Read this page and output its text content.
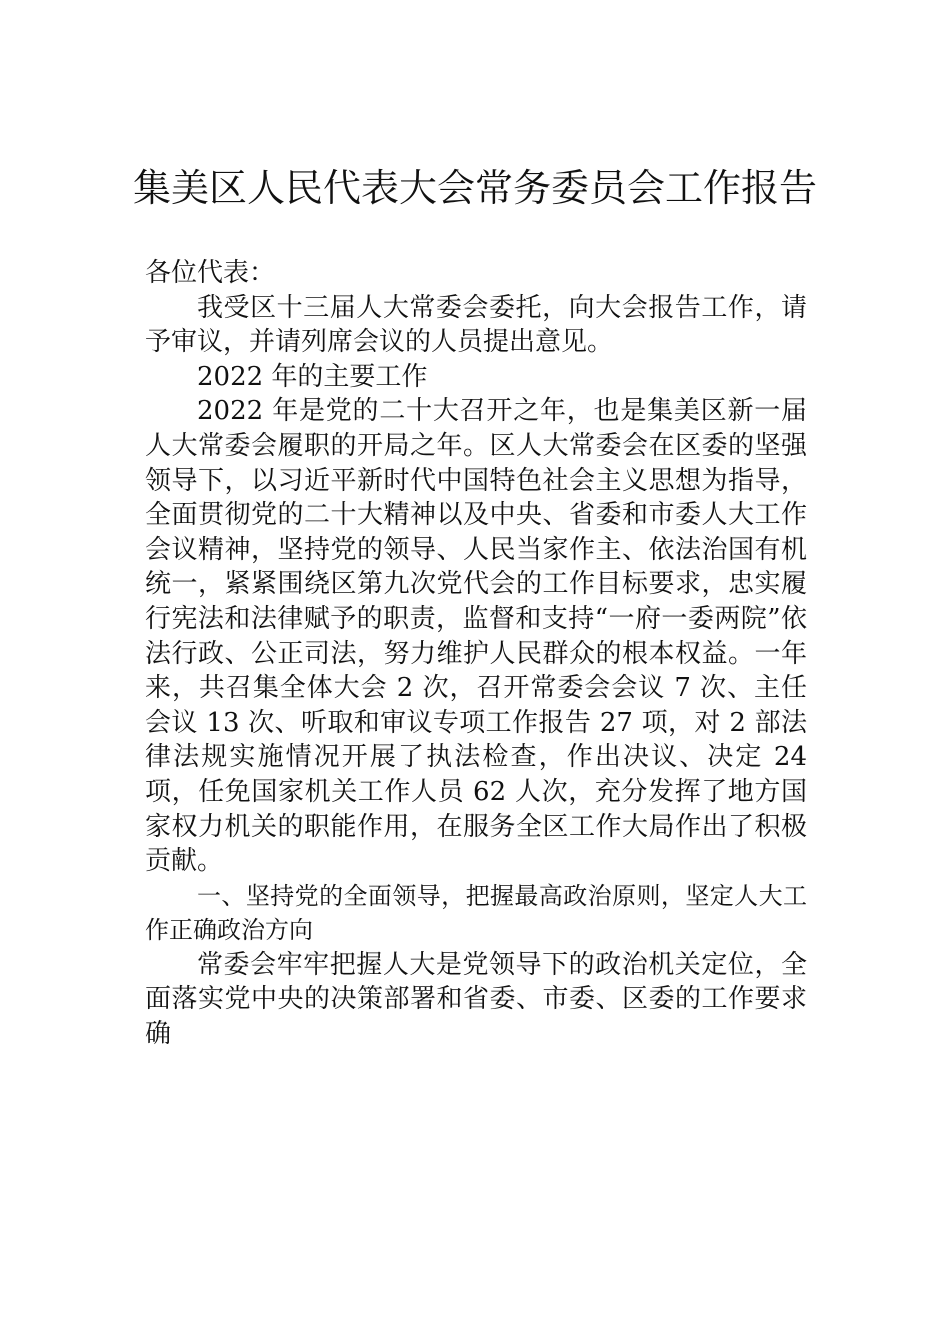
集美区人民代表大会常务委员会工作报告

各位代表：

我受区十三届人大常委会委托，向大会报告工作，请予审议，并请列席会议的人员提出意见。

2022 年的主要工作

2022 年是党的二十大召开之年，也是集美区新一届人大常委会履职的开局之年。区人大常委会在区委的坚强领导下，以习近平新时代中国特色社会主义思想为指导，全面贯彻党的二十大精神以及中央、省委和市委人大工作会议精神，坚持党的领导、人民当家作主、依法治国有机统一，紧紧围绕区第九次党代会的工作目标要求，忠实履行宪法和法律赋予的职责，监督和支持“一府一委两院”依法行政、公正司法，努力维护人民群众的根本权益。一年来，共召集全体大会 2 次，召开常委会会议 7 次、主任会议 13 次、听取和审议专项工作报告 27 项，对 2 部法律法规实施情况开展了执法检查，作出决议、决定 24 项，任免国家机关工作人员 62 人次，充分发挥了地方国家权力机关的职能作用，在服务全区工作大局作出了积极贡献。

一、坚持党的全面领导，把握最高政治原则，坚定人大工作正确政治方向

常委会牢牢把握人大是党领导下的政治机关定位，全面落实党中央的决策部署和省委、市委、区委的工作要求确
